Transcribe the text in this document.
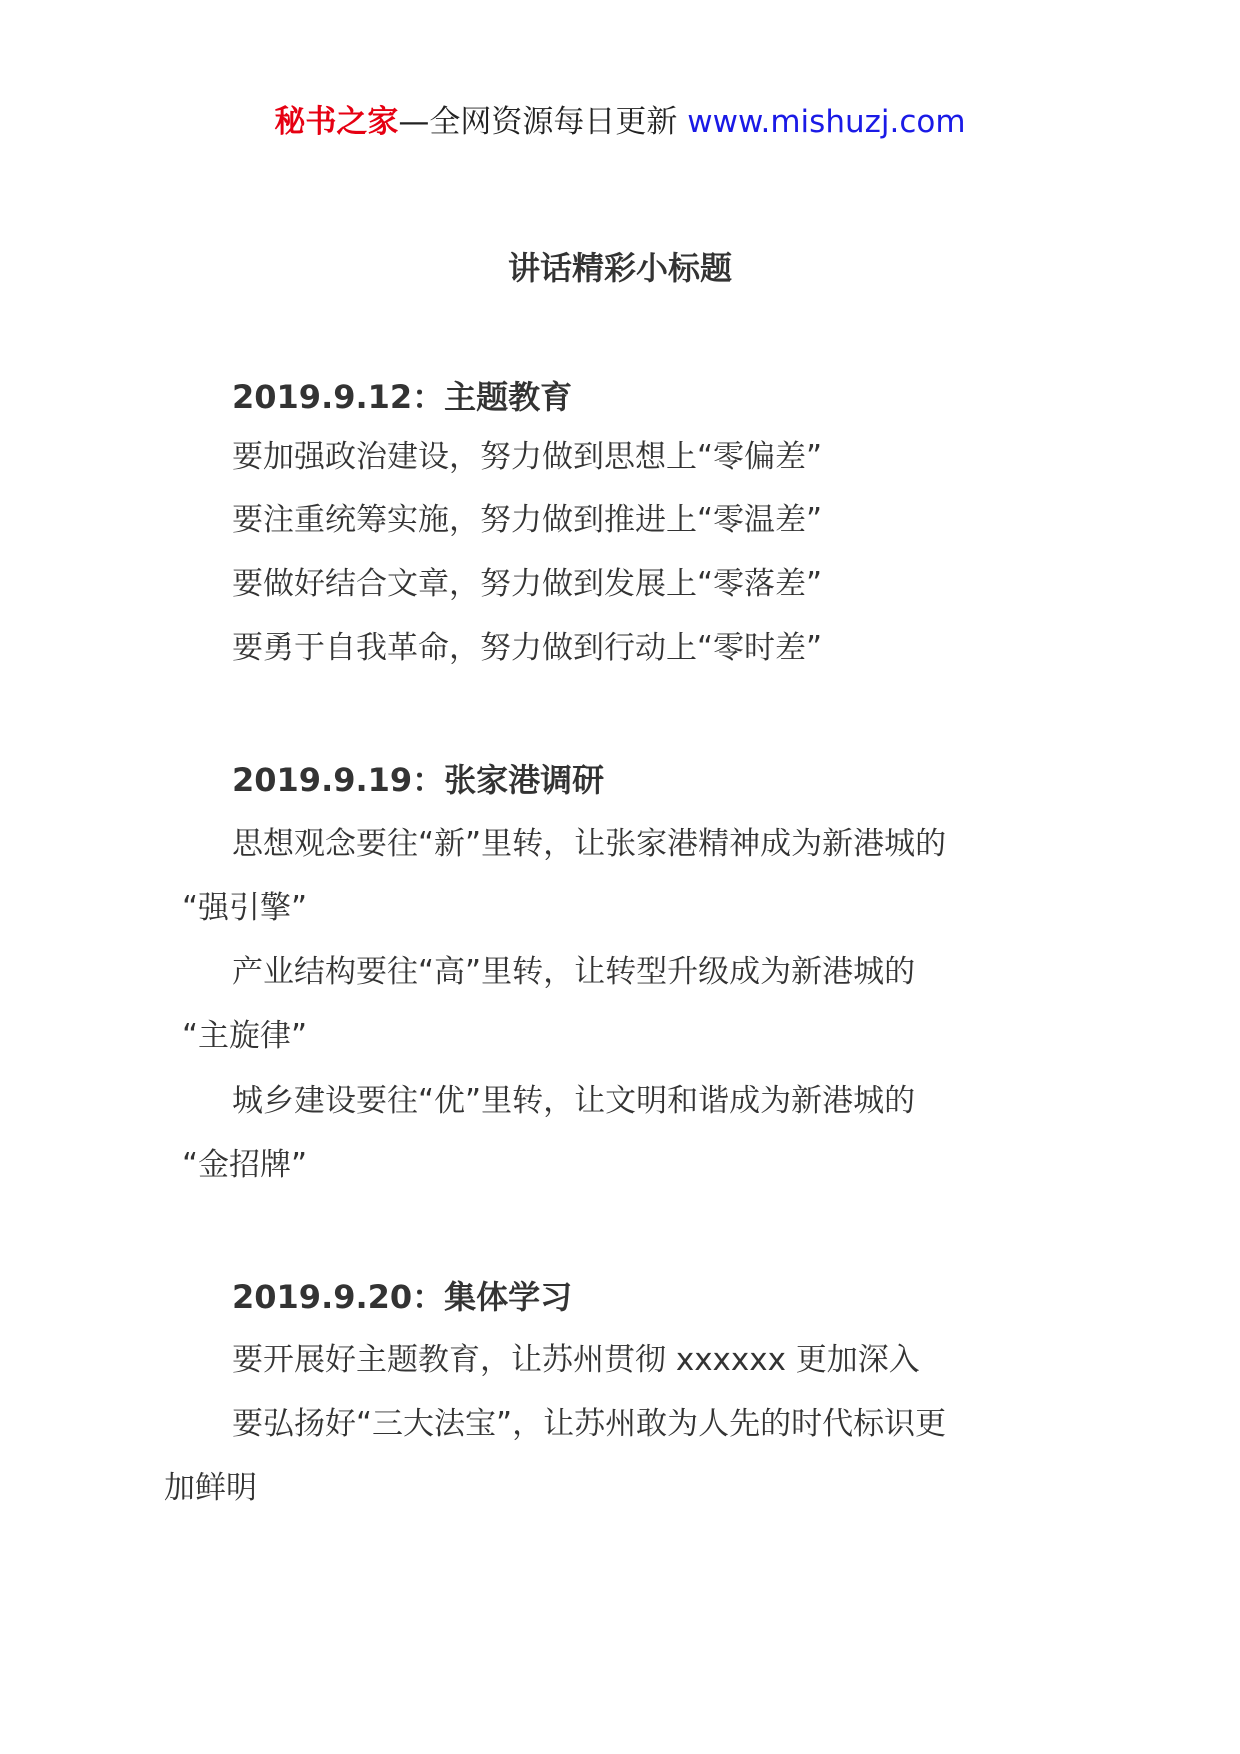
秘书之家—全网资源每日更新 www.mishuzj.com
讲话精彩小标题
2019.9.12：主题教育
要加强政治建设，努力做到思想上“零偏差”
要注重统筹实施，努力做到推进上“零温差”
要做好结合文章，努力做到发展上“零落差”
要勇于自我革命，努力做到行动上“零时差”
2019.9.19：张家港调研
思想观念要往“新”里转，让张家港精神成为新港城的
“强引擎”
产业结构要往“高”里转，让转型升级成为新港城的
“主旋律”
城乡建设要往“优”里转，让文明和谐成为新港城的
“金招牌”
2019.9.20：集体学习
要开展好主题教育，让苏州贯彻 xxxxxx 更加深入
要弘扬好“三大法宝”，让苏州敢为人先的时代标识更
加鲜明
